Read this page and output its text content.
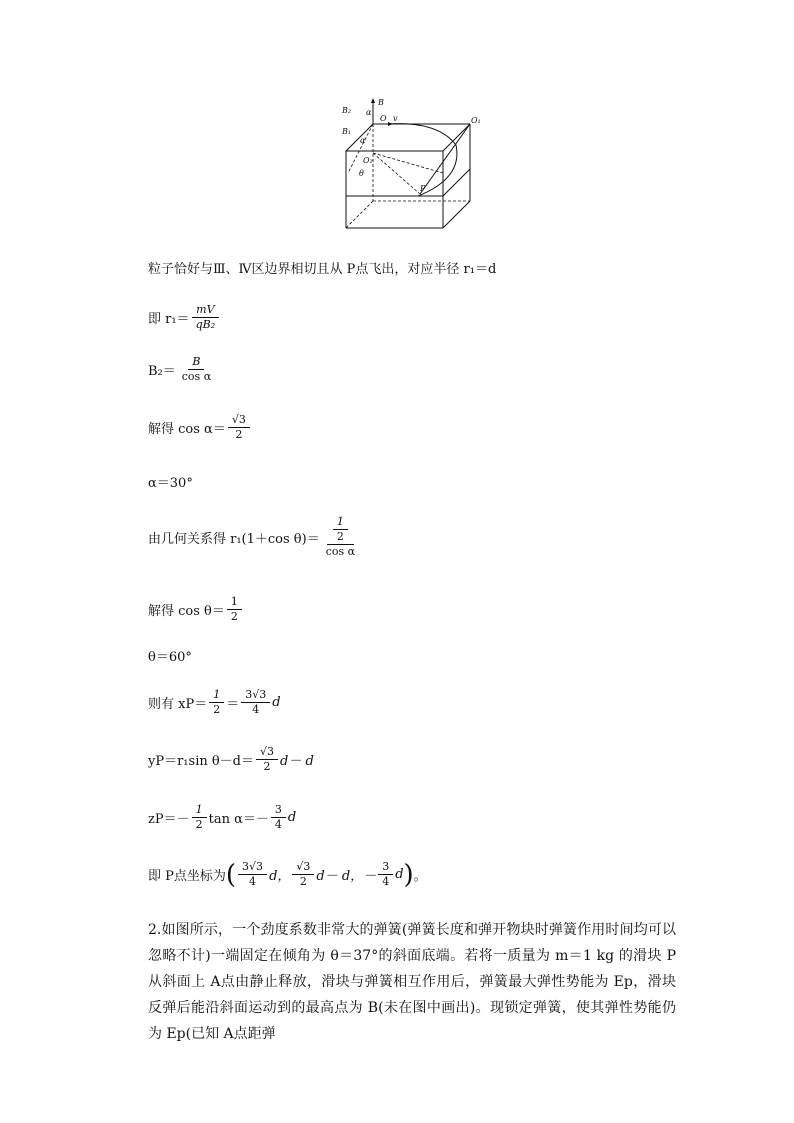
B
B₂
B₁
O	O₁
O₂
α
α
θ
P
v
粒子恰好与Ⅲ、Ⅳ区边界相切且从 P点飞出，对应半径 r₁＝d
即 $r_1= \frac{mV}{\text{qB₂}}$
$B_2= \frac{B}{\text{cos α}}$
解得 $\cos \alpha= \frac{√3}{2}$
α＝30°
由几何关系得 r₁(1＋cos $\theta)= \frac{\frac{1}{2}}{\text{cos α}}$
解得 $\cos \theta= \frac{1}{2}$
θ＝60°
则有 $xP= \frac{1}{2} = \frac{3√3}{4}$ d
yP＝r₁sin $\theta-d= \frac{√3}{2} d- d$
$zP=- \frac{1}{2}$ $\tan \alpha=- \frac{3}{4}$ d
即 P点坐标为 ( $\frac{3√3}{4}$ d， $\frac{√3}{2} d- d$，－ $\frac{3}{4}$ d ) 。
2.如图所示，一个劲度系数非常大的弹簧(弹簧长度和弹开物块时弹簧作用时间均可以忽略不计)一端固定在倾角为 θ＝37°的斜面底端。若将一质量为 m＝1 kg 的滑块 P 从斜面上 A点由静止释放，滑块与弹簧相互作用后，弹簧最大弹性势能为 Ep，滑块反弹后能沿斜面运动到的最高点为 B(未在图中画出)。现锁定弹簧，使其弹性势能仍为 Ep(已知 A点距弹
